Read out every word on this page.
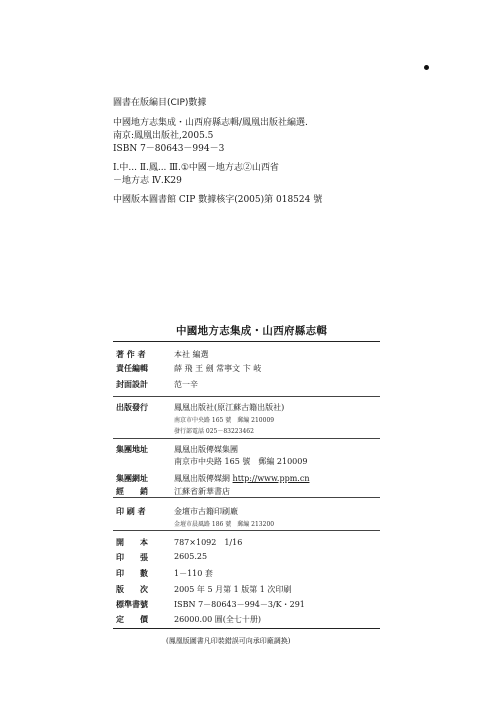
圖書在版編目(CIP)數據
中國地方志集成・山西府縣志輯/鳳凰出版社編選.
南京:鳳凰出版社,2005.5
ISBN 7－80643－994－3
Ⅰ.中... Ⅱ.鳳... Ⅲ.①中國－地方志②山西省
－地方志 Ⅳ.K29
中國版本圖書館 CIP 數據核字(2005)第 018524 號
中國地方志集成・山西府縣志輯
著 作 者	本社 編選
責任編輯	薛 飛 王 劍 常寧文 卞 岐
封面設計	范一辛
出版發行	鳳凰出版社(原江蘇古籍出版社)
南京市中央路 165 號　郵編 210009
發行部電話 025－83223462
集團地址	鳳凰出版傳媒集團
南京市中央路 165 號　郵編 210009
集團網址	鳳凰出版傳媒網 http://www.ppm.cn
經　　銷	江蘇省新華書店
印 刷 者	金壇市古籍印刷廠
金壇市晨風路 186 號　郵編 213200
開　　本	787×1092　1/16
印　　張	2605.25
印　　數	1－110 套
版　　次	2005 年 5 月第 1 版第 1 次印刷
標準書號	ISBN 7－80643－994－3/K・291
定　　價	26000.00 圓(全七十册)
(鳳凰版圖書凡印裝錯誤可向承印廠調换)
